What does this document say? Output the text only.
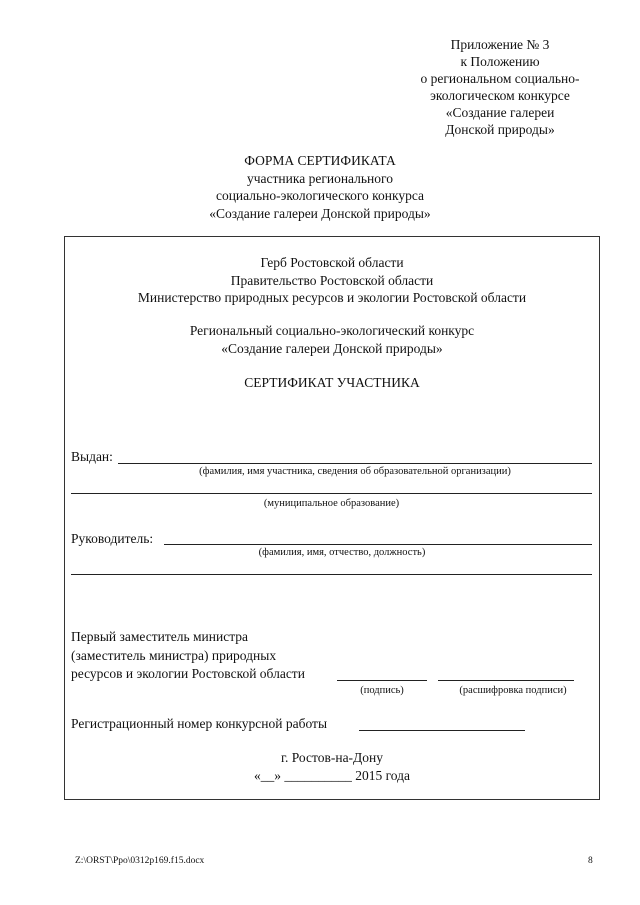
Приложение № 3
к Положению
о региональном социально-
экологическом конкурсе
«Создание галереи
Донской природы»
ФОРМА СЕРТИФИКАТА
участника регионального
социально-экологического конкурса
«Создание галереи Донской природы»
Герб Ростовской области
Правительство Ростовской области
Министерство природных ресурсов и экологии Ростовской области
Региональный социально-экологический конкурс
«Создание галереи Донской природы»
СЕРТИФИКАТ УЧАСТНИКА
Выдан:
(фамилия, имя участника, сведения об образовательной организации)
(муниципальное образование)
Руководитель:
(фамилия, имя, отчество, должность)
Первый заместитель министра
(заместитель министра) природных
ресурсов и экологии Ростовской области
(подпись)	(расшифровка подписи)
Регистрационный номер конкурсной работы
г. Ростов-на-Дону
«__» __________ 2015 года
Z:\ORST\Ppo\0312p169.f15.docx	8
